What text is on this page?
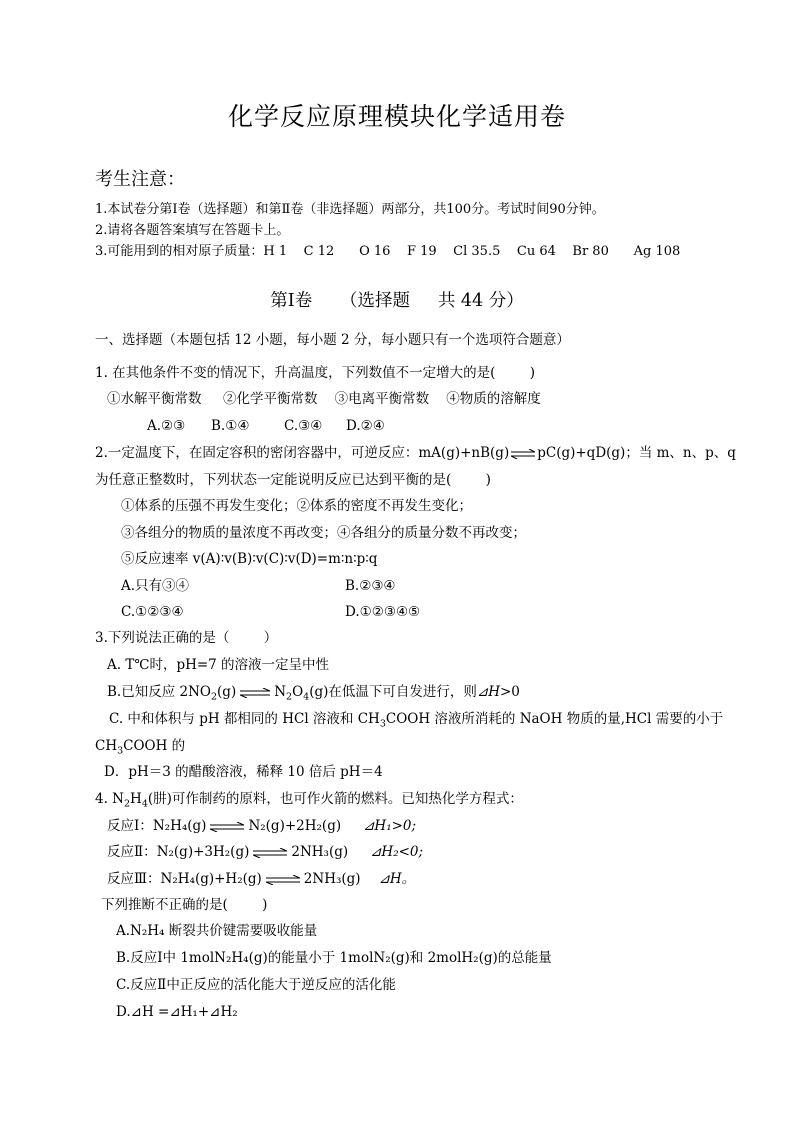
化学反应原理模块化学适用卷
考生注意：
1.本试卷分第Ⅰ卷（选择题）和第Ⅱ卷（非选择题）两部分，共100分。考试时间90分钟。
2.请将各题答案填写在答题卡上。
3.可能用到的相对原子质量：H 1    C 12      O 16    F 19    Cl 35.5    Cu 64    Br 80      Ag 108
第Ⅰ卷     （选择题     共 44 分）
一、选择题（本题包括 12 小题，每小题 2 分，每小题只有一个选项符合题意）
1. 在其他条件不变的情况下，升高温度，下列数值不一定增大的是(        )
①水解平衡常数     ②化学平衡常数    ③电离平衡常数    ④物质的溶解度
A.②③ B.①④	C.③④ D.②④
2.一定温度下，在固定容积的密闭容器中，可逆反应：mA(g)+nB(g) ⇌ pC(g)+qD(g)；当 m、n、p、q
为任意正整数时，下列状态一定能说明反应已达到平衡的是(        )
①体系的压强不再发生变化；②体系的密度不再发生变化；
③各组分的物质的量浓度不再改变；④各组分的质量分数不再改变；
⑤反应速率 v(A)∶v(B)∶v(C)∶v(D)=m∶n∶p∶q
A.只有③④	B.②③④
C.①②③④	D.①②③④⑤
3.下列说法正确的是（        ）
A. T℃时，pH=7 的溶液一定呈中性
B.已知反应 $2NO_2(g)$ ⇌ $N_2O_4(g)$在低温下可自发进行，则⊿H>0
C. 中和体积与 pH 都相同的 HCl 溶液和 $CH_3COOH$ 溶液所消耗的 NaOH 物质的量,HCl 需要的小于
$CH_3COOH$ 的
D．pH＝3 的醋酸溶液，稀释 10 倍后 pH＝4
4. $N_2H_4$(肼)可作制药的原料，也可作火箭的燃料。已知热化学方程式：
反应Ⅰ：N₂H₄(g) ⇌ N₂(g)+2H₂(g) ⊿H₁>0;
反应Ⅱ：N₂(g)+3H₂(g) ⇌ 2NH₃(g) ⊿H₂<0;
反应Ⅲ：N₂H₄(g)+H₂(g) ⇌ 2NH₃(g) ⊿H。
下列推断不正确的是(        )
A.N₂H₄ 断裂共价键需要吸收能量
B.反应Ⅰ中 1molN₂H₄(g)的能量小于 1molN₂(g)和 2molH₂(g)的总能量
C.反应Ⅱ中正反应的活化能大于逆反应的活化能
D.⊿H =⊿H₁+⊿H₂
